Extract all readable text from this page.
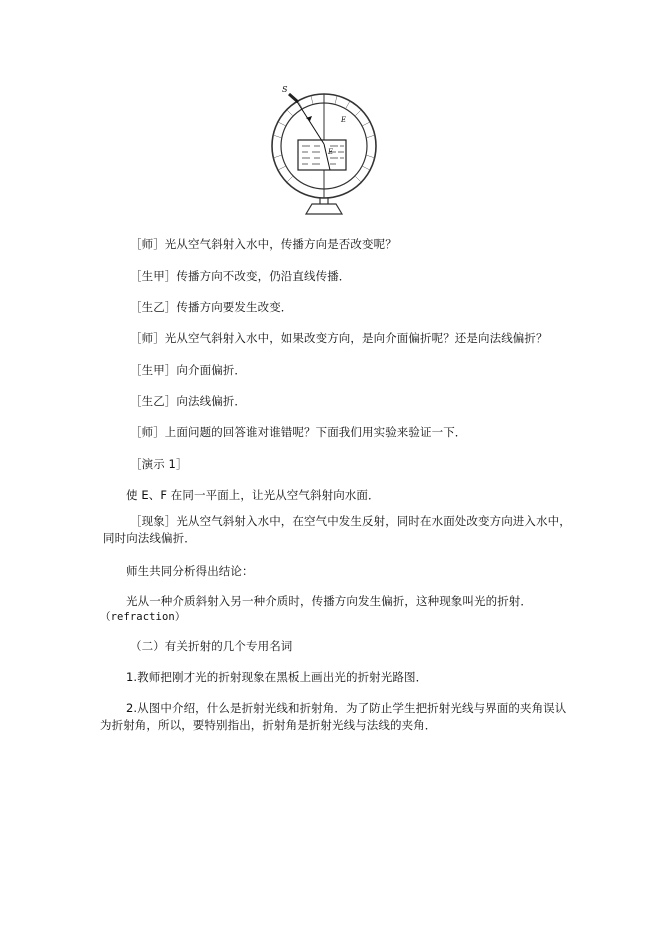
S
E
E
［师］光从空气斜射入水中，传播方向是否改变呢？
［生甲］传播方向不改变，仍沿直线传播．
［生乙］传播方向要发生改变．
［师］光从空气斜射入水中，如果改变方向，是向介面偏折呢？还是向法线偏折？
［生甲］向介面偏折．
［生乙］向法线偏折．
［师］上面问题的回答谁对谁错呢？下面我们用实验来验证一下．
［演示 1］
使 E、F 在同一平面上，让光从空气斜射向水面．
［现象］光从空气斜射入水中，在空气中发生反射，同时在水面处改变方向进入水中，
同时向法线偏折．
师生共同分析得出结论：
光从一种介质斜射入另一种介质时，传播方向发生偏折，这种现象叫光的折射．
（refraction）
（二）有关折射的几个专用名词
1.教师把刚才光的折射现象在黑板上画出光的折射光路图．
2.从图中介绍，什么是折射光线和折射角．为了防止学生把折射光线与界面的夹角误认
为折射角，所以，要特别指出，折射角是折射光线与法线的夹角．
